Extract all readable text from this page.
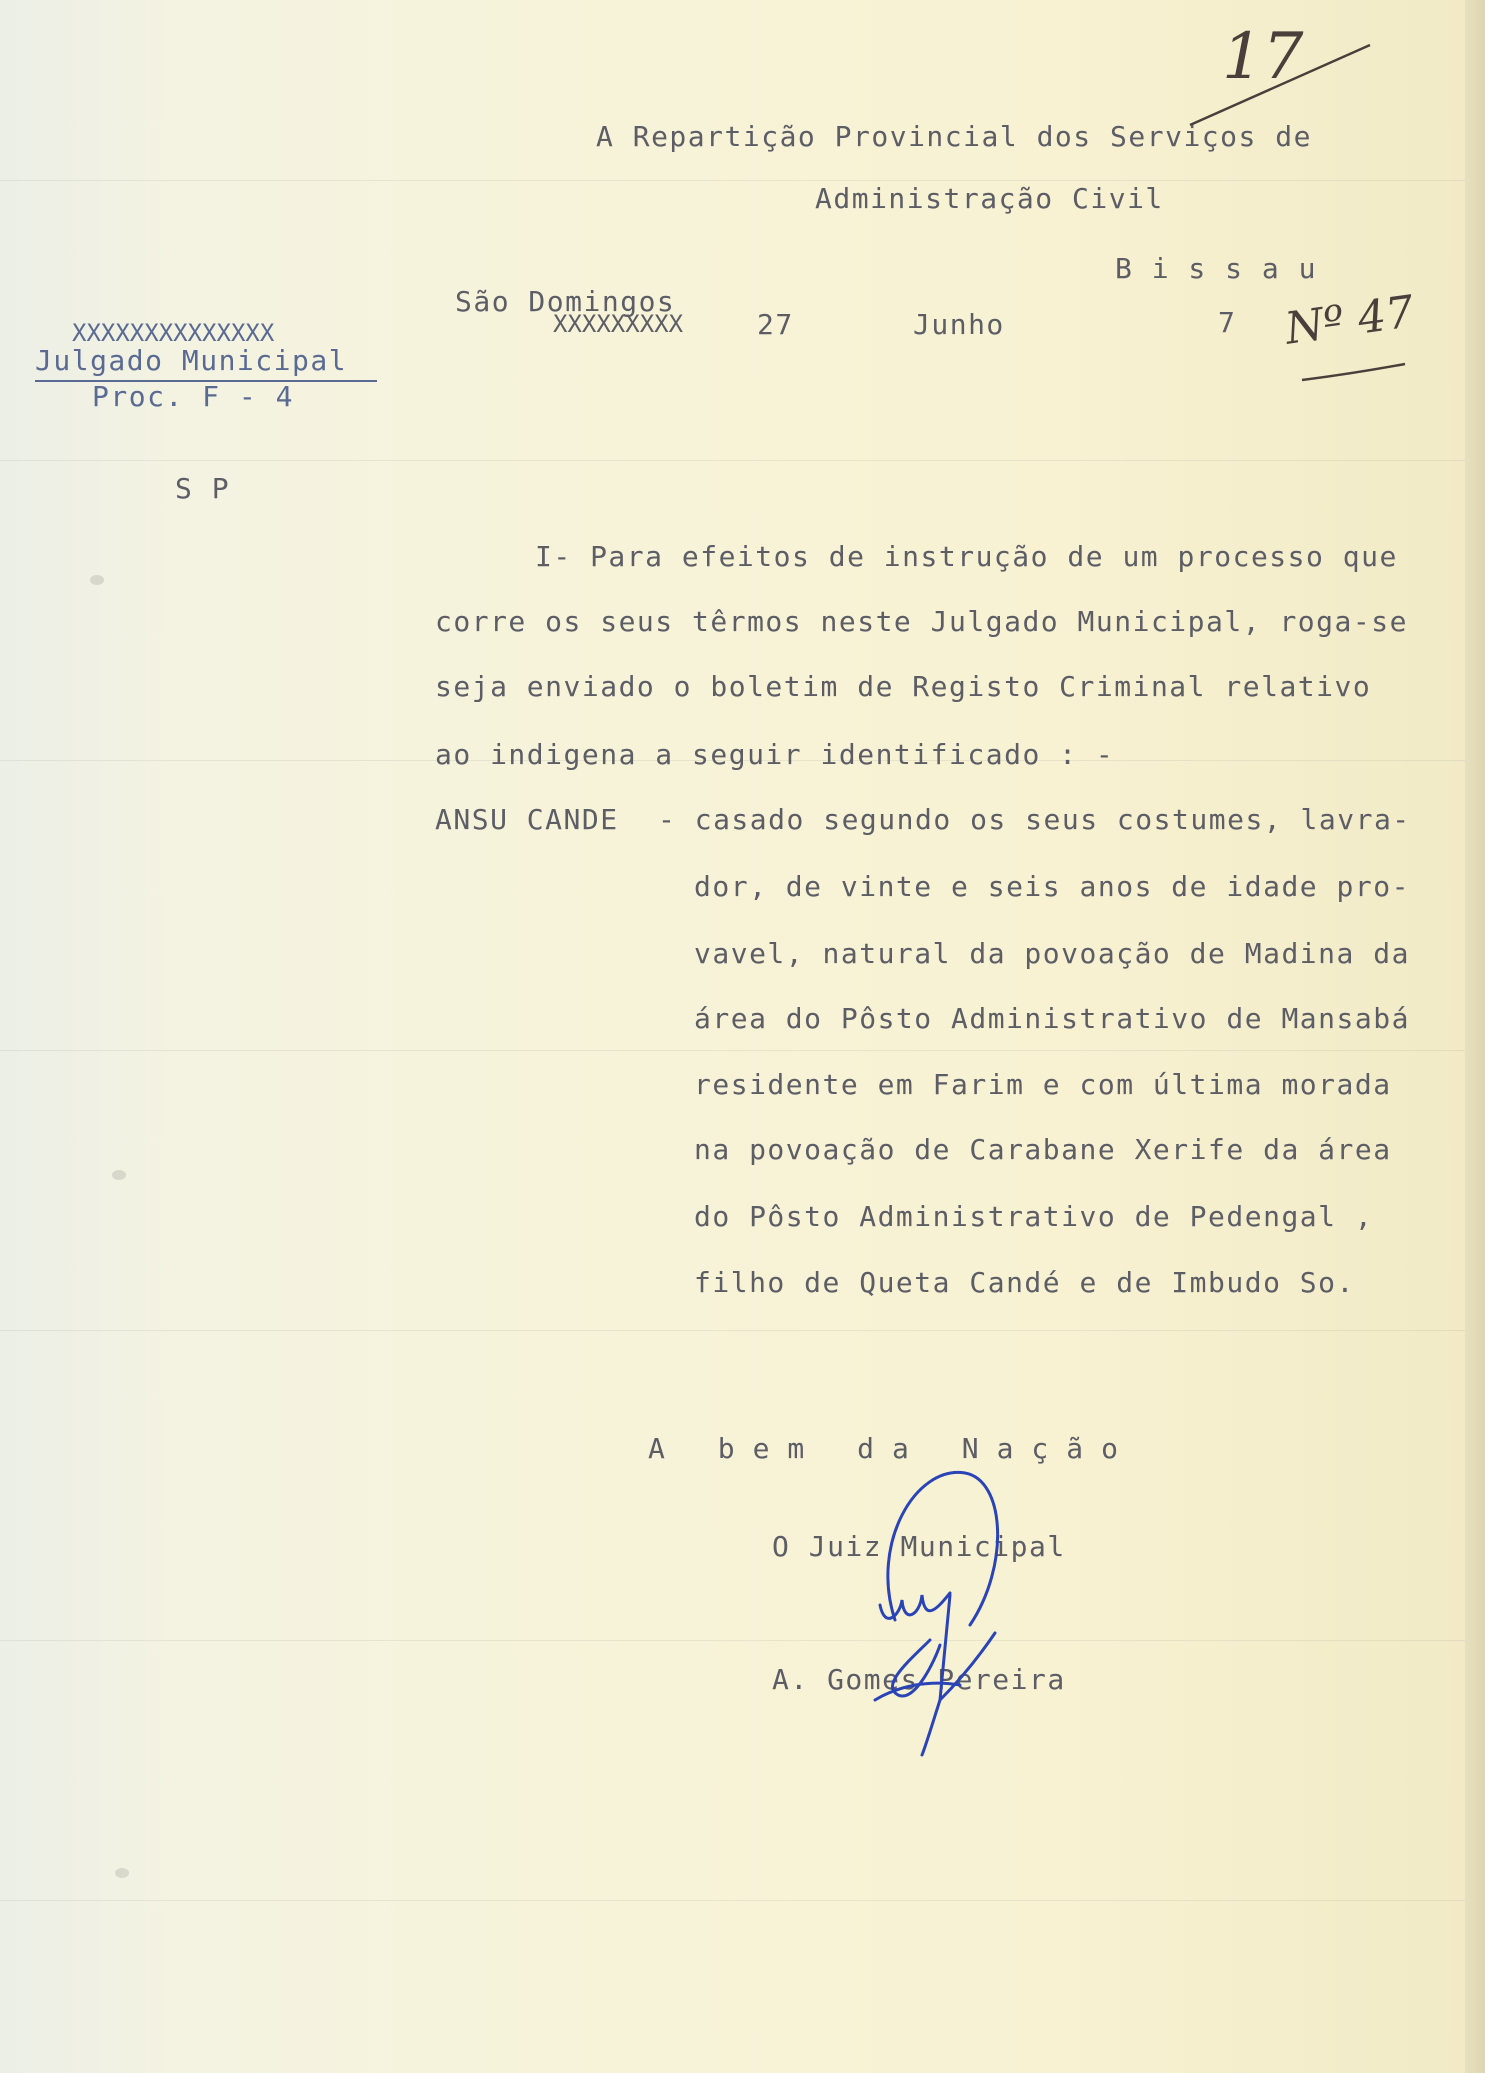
17
A Repartição Provincial dos Serviços de
Administração Civil
B i s s a u
São Domingos
XXXXXXXXX	27	Junho	7 Nº 47
XXXXXXXXXXXXXX
Julgado Municipal
Proc. F - 4
S P
I- Para efeitos de instrução de um processo que
corre os seus têrmos neste Julgado Municipal, roga-se
seja enviado o boletim de Registo Criminal relativo
ao indigena a seguir identificado : -
ANSU CANDE - casado segundo os seus costumes, lavra-
dor, de vinte e seis anos de idade pro-
vavel, natural da povoação de Madina da
área do Pôsto Administrativo de Mansabá
residente em Farim e com última morada
na povoação de Carabane Xerife da área
do Pôsto Administrativo de Pedengal ,
filho de Queta Candé e de Imbudo So.
A bem da Nação
O Juiz Municipal
A. Gomes Pereira
